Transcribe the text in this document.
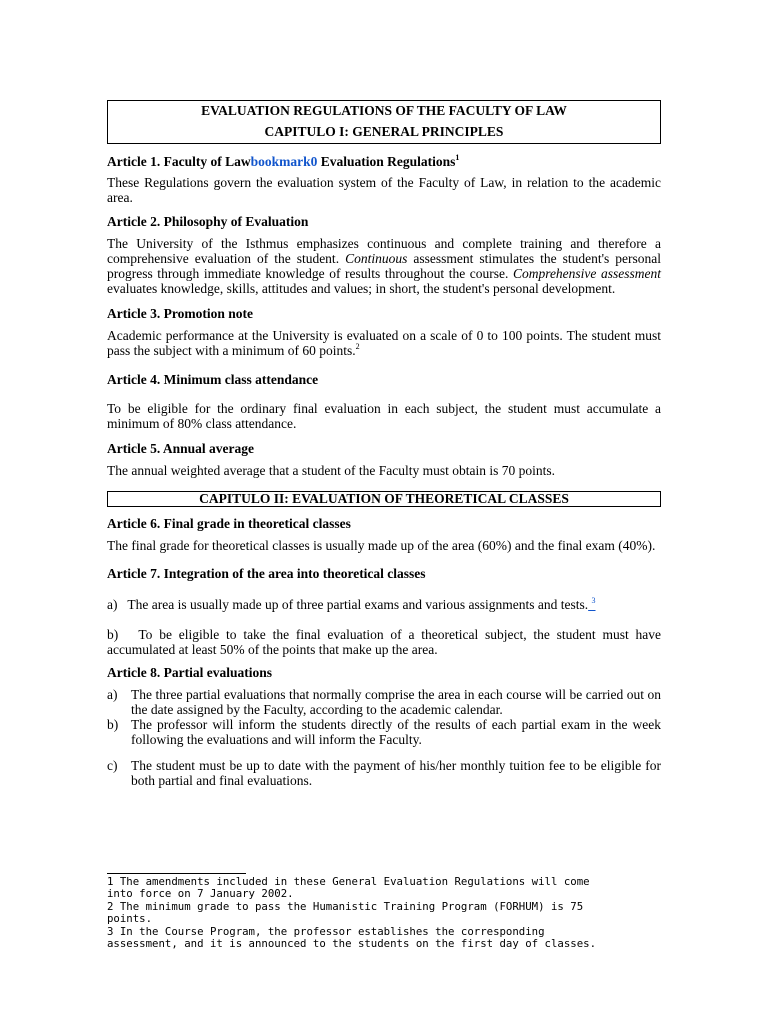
EVALUATION REGULATIONS OF THE FACULTY OF LAW
CAPITULO I: GENERAL PRINCIPLES
Article 1. Faculty of Lawbookmark0 Evaluation Regulations$^1$
These Regulations govern the evaluation system of the Faculty of Law, in relation to the academic area.
Article 2. Philosophy of Evaluation
The University of the Isthmus emphasizes continuous and complete training and therefore a comprehensive evaluation of the student. Continuous assessment stimulates the student's personal progress through immediate knowledge of results throughout the course. Comprehensive assessment evaluates knowledge, skills, attitudes and values; in short, the student's personal development.
Article 3. Promotion note
Academic performance at the University is evaluated on a scale of 0 to 100 points. The student must pass the subject with a minimum of 60 points.$^2$
Article 4. Minimum class attendance
To be eligible for the ordinary final evaluation in each subject, the student must accumulate a minimum of 80% class attendance.
Article 5. Annual average
The annual weighted average that a student of the Faculty must obtain is 70 points.
CAPITULO II: EVALUATION OF THEORETICAL CLASSES
Article 6. Final grade in theoretical classes
The final grade for theoretical classes is usually made up of the area (60%) and the final exam (40%).
Article 7. Integration of the area into theoretical classes
a) The area is usually made up of three partial exams and various assignments and tests. $^3$
b) To be eligible to take the final evaluation of a theoretical subject, the student must have accumulated at least 50% of the points that make up the area.
Article 8. Partial evaluations
a) The three partial evaluations that normally comprise the area in each course will be carried out on the date assigned by the Faculty, according to the academic calendar.
b) The professor will inform the students directly of the results of each partial exam in the week following the evaluations and will inform the Faculty.
c) The student must be up to date with the payment of his/her monthly tuition fee to be eligible for both partial and final evaluations.
1 The amendments included in these General Evaluation Regulations will come
into force on 7 January 2002.
2 The minimum grade to pass the Humanistic Training Program (FORHUM) is 75
points.
3 In the Course Program, the professor establishes the corresponding
assessment, and it is announced to the students on the first day of classes.
